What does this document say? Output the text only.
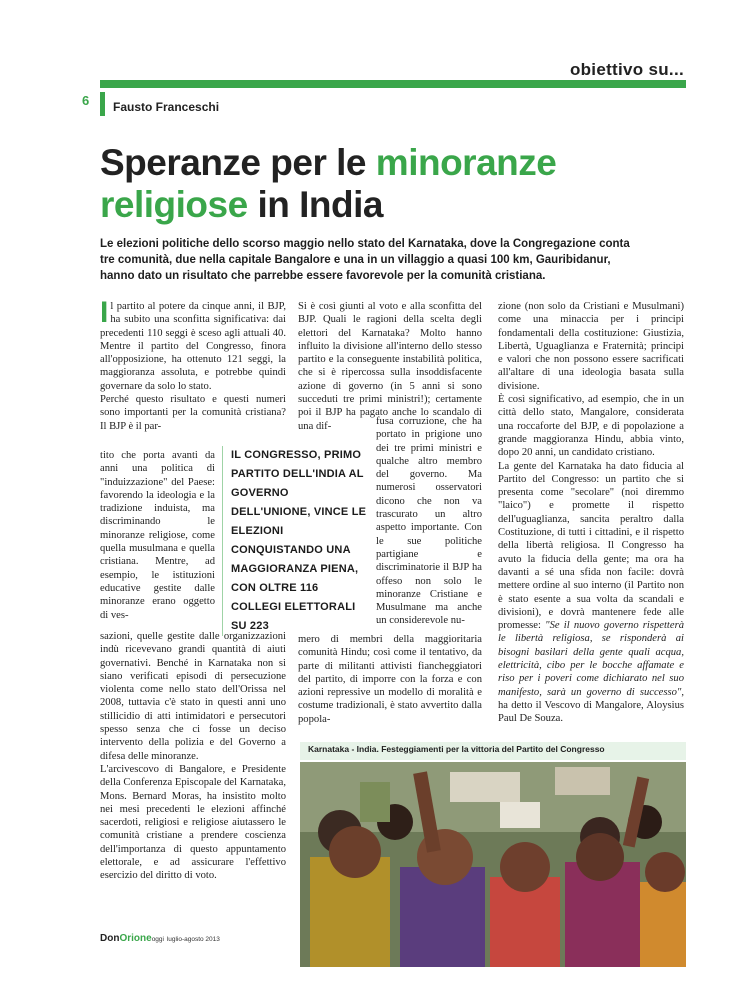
obiettivo su...
6 Fausto Franceschi
Speranze per le minoranze
religiose in India

Le elezioni politiche dello scorso maggio nello stato del Karnataka, dove la Congregazione conta tre comunità, due nella capitale Bangalore e una in un villaggio a quasi 100 km, Gauribidanur, hanno dato un risultato che parrebbe essere favorevole per la comunità cristiana.

Il partito al potere da cinque anni, il BJP, ha subito una sconfitta significativa: dai precedenti 110 seggi è sceso agli attuali 40. Mentre il partito del Congresso, finora all'opposizione, ha ottenuto 121 seggi, la maggioranza assoluta, e potrebbe quindi governare da solo lo stato.

Perché questo risultato e questi numeri sono importanti per la comunità cristiana? Il BJP è il par-

tito che porta avanti da anni una politica di "induizzazione" del Paese: favorendo la ideologia e la tradizione induista, ma discriminando le minoranze religiose, come quella musulmana e quella cristiana. Mentre, ad esempio, le istituzioni educative gestite dalle minoranze erano oggetto di ves-

sazioni, quelle gestite dalle organizzazioni indù ricevevano grandi quantità di aiuti governativi. Benché in Karnataka non si siano verificati episodi di persecuzione violenta come nello stato dell'Orissa nel 2008, tuttavia c'è stato in questi anni uno stillicidio di atti intimidatori e persecutori spesso senza che ci fosse un deciso intervento della polizia e del Governo a difesa delle minoranze.

L'arcivescovo di Bangalore, e Presidente della Conferenza Episcopale del Karnataka, Mons. Bernard Moras, ha insistito molto nei mesi precedenti le elezioni affinché sacerdoti, religiosi e religiose aiutassero le comunità cristiane a prendere coscienza dell'importanza di questo appuntamento elettorale, e ad assicurare l'effettivo esercizio del diritto di voto.

IL CONGRESSO, PRIMO PARTITO DELL'INDIA AL GOVERNO DELL'UNIONE, VINCE LE ELEZIONI CONQUISTANDO UNA MAGGIORANZA PIENA, CON OLTRE 116 COLLEGI ELETTORALI SU 223
Si è così giunti al voto e alla sconfitta del BJP. Quali le ragioni della scelta degli elettori del Karnataka? Molto hanno influito la divisione all'interno dello stesso partito e la conseguente instabilità politica, che si è ripercossa sulla insoddisfacente azione di governo (in 5 anni si sono succeduti tre primi ministri!); certamente poi il BJP ha pagato anche lo scandalo di una dif-	fusa corruzione, che ha portato in prigione uno dei tre primi ministri e qualche altro membro del governo. Ma numerosi osservatori dicono che non va trascurato un altro aspetto importante. Con le sue politiche partigiane e discriminatorie il BJP ha offeso non solo le minoranze Cristiane e Musulmane ma anche un considerevole nu-
mero di membri della maggioritaria comunità Hindu; così come il tentativo, da parte di militanti attivisti fiancheggiatori del partito, di imporre con la forza e con azioni repressive un modello di moralità e costume tradizionali, è stato avvertito dalla popola-

zione (non solo da Cristiani e Musulmani) come una minaccia per i principi fondamentali della costituzione: Giustizia, Libertà, Uguaglianza e Fraternità; principi e valori che non possono essere sacrificati all'altare di una ideologia basata sulla divisione.

È così significativo, ad esempio, che in un città dello stato, Mangalore, considerata una roccaforte del BJP, e di popolazione a grande maggioranza Hindu, abbia vinto, dopo 20 anni, un candidato cristiano.

La gente del Karnataka ha dato fiducia al Partito del Congresso: un partito che si presenta come "secolare" (noi diremmo "laico") e promette il rispetto dell'uguaglianza, sancita peraltro dalla Costituzione, di tutti i cittadini, e il rispetto della libertà religiosa. Il Congresso ha avuto la fiducia della gente; ma ora ha davanti a sé una sfida non facile: dovrà mettere ordine al suo interno (il Partito non è stato esente a sua volta da scandali e divisioni), e dovrà mantenere fede alle promesse: "Se il nuovo governo rispetterà le libertà religiosa, se risponderà ai bisogni basilari della gente quali acqua, elettricità, cibo per le bocche affamate e riso per i poveri come dichiarato nel suo manifesto, sarà un governo di successo", ha detto il Vescovo di Mangalore, Aloysius Paul De Souza.

Karnataka - India. Festeggiamenti per la vittoria del Partito del Congresso
DonOrioneoggi luglio-agosto 2013
